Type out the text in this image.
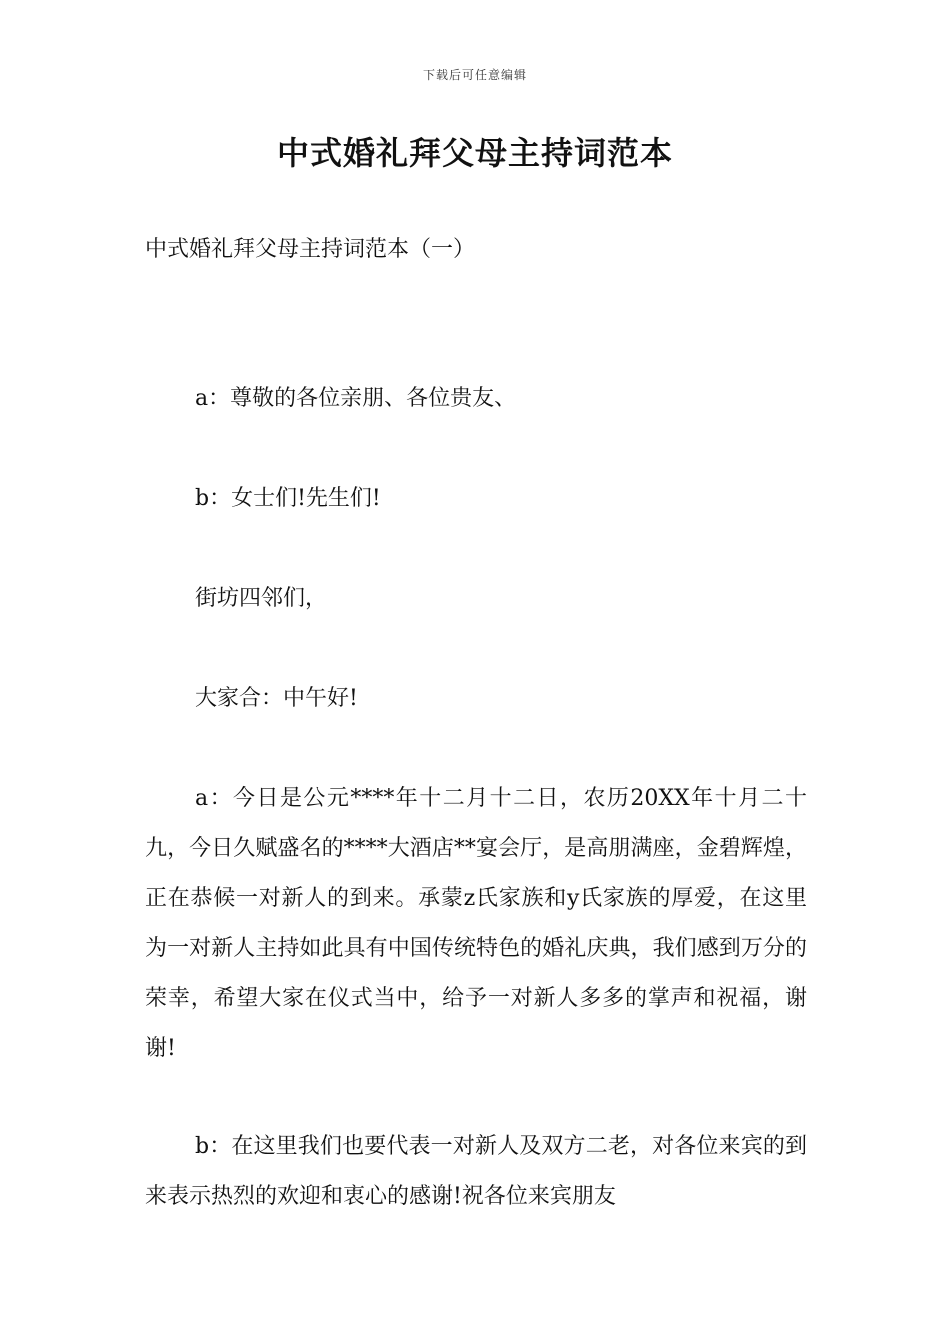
下载后可任意编辑
中式婚礼拜父母主持词范本
中式婚礼拜父母主持词范本（一）

a：尊敬的各位亲朋、各位贵友、

b：女士们!先生们!

街坊四邻们，

大家合：中午好!

a：今日是公元****年十二月十二日，农历20XX年十月二十九，今日久赋盛名的****大酒店**宴会厅，是高朋满座，金碧辉煌，正在恭候一对新人的到来。承蒙z氏家族和y氏家族的厚爱，在这里为一对新人主持如此具有中国传统特色的婚礼庆典，我们感到万分的荣幸，希望大家在仪式当中，给予一对新人多多的掌声和祝福，谢谢!

b：在这里我们也要代表一对新人及双方二老，对各位来宾的到来表示热烈的欢迎和衷心的感谢!祝各位来宾朋友
